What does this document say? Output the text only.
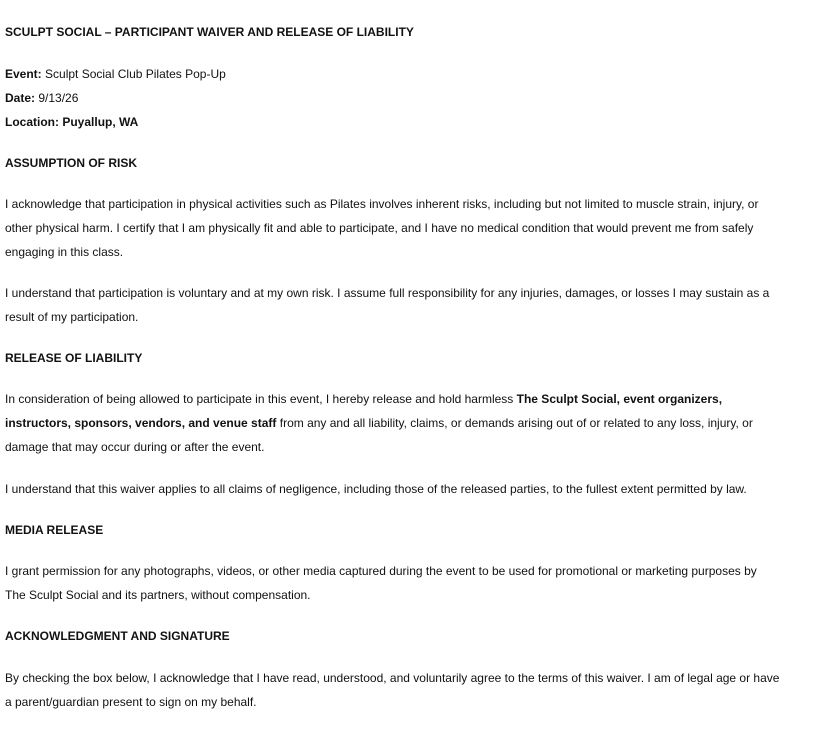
SCULPT SOCIAL – PARTICIPANT WAIVER AND RELEASE OF LIABILITY
Event: Sculpt Social Club Pilates Pop-Up
Date: 9/13/26
Location: Puyallup, WA
ASSUMPTION OF RISK
I acknowledge that participation in physical activities such as Pilates involves inherent risks, including but not limited to muscle strain, injury, or other physical harm. I certify that I am physically fit and able to participate, and I have no medical condition that would prevent me from safely engaging in this class.
I understand that participation is voluntary and at my own risk. I assume full responsibility for any injuries, damages, or losses I may sustain as a result of my participation.
RELEASE OF LIABILITY
In consideration of being allowed to participate in this event, I hereby release and hold harmless The Sculpt Social, event organizers, instructors, sponsors, vendors, and venue staff from any and all liability, claims, or demands arising out of or related to any loss, injury, or damage that may occur during or after the event.
I understand that this waiver applies to all claims of negligence, including those of the released parties, to the fullest extent permitted by law.
MEDIA RELEASE
I grant permission for any photographs, videos, or other media captured during the event to be used for promotional or marketing purposes by The Sculpt Social and its partners, without compensation.
ACKNOWLEDGMENT AND SIGNATURE
By checking the box below, I acknowledge that I have read, understood, and voluntarily agree to the terms of this waiver. I am of legal age or have a parent/guardian present to sign on my behalf.
